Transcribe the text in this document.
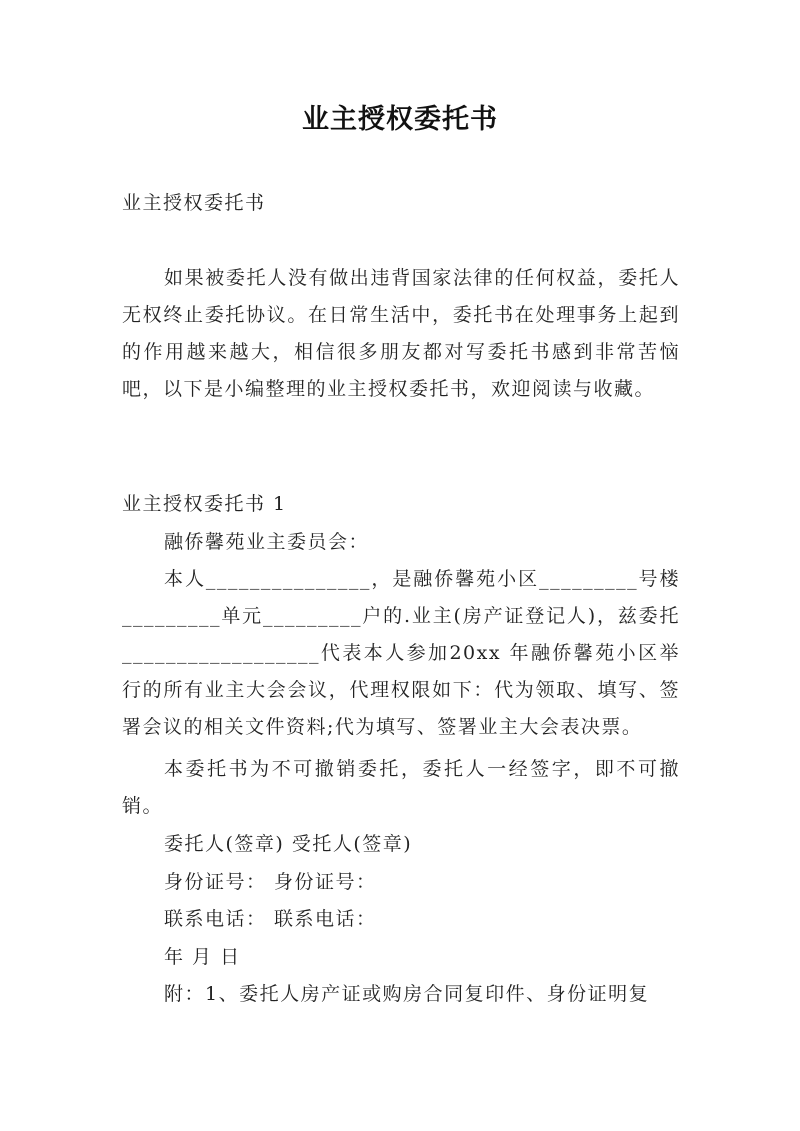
业主授权委托书

业主授权委托书

如果被委托人没有做出违背国家法律的任何权益，委托人无权终止委托协议。在日常生活中，委托书在处理事务上起到的作用越来越大，相信很多朋友都对写委托书感到非常苦恼吧，以下是小编整理的业主授权委托书，欢迎阅读与收藏。

业主授权委托书 1

融侨馨苑业主委员会：

本人_______________，是融侨馨苑小区_________号楼_________单元_________户的.业主(房产证登记人)，兹委托__________________代表本人参加20xx 年融侨馨苑小区举行的所有业主大会会议，代理权限如下：代为领取、填写、签署会议的相关文件资料;代为填写、签署业主大会表决票。

本委托书为不可撤销委托，委托人一经签字，即不可撤销。

委托人(签章) 受托人(签章)

身份证号： 身份证号：

联系电话： 联系电话：

年 月 日

附：1、委托人房产证或购房合同复印件、身份证明复
